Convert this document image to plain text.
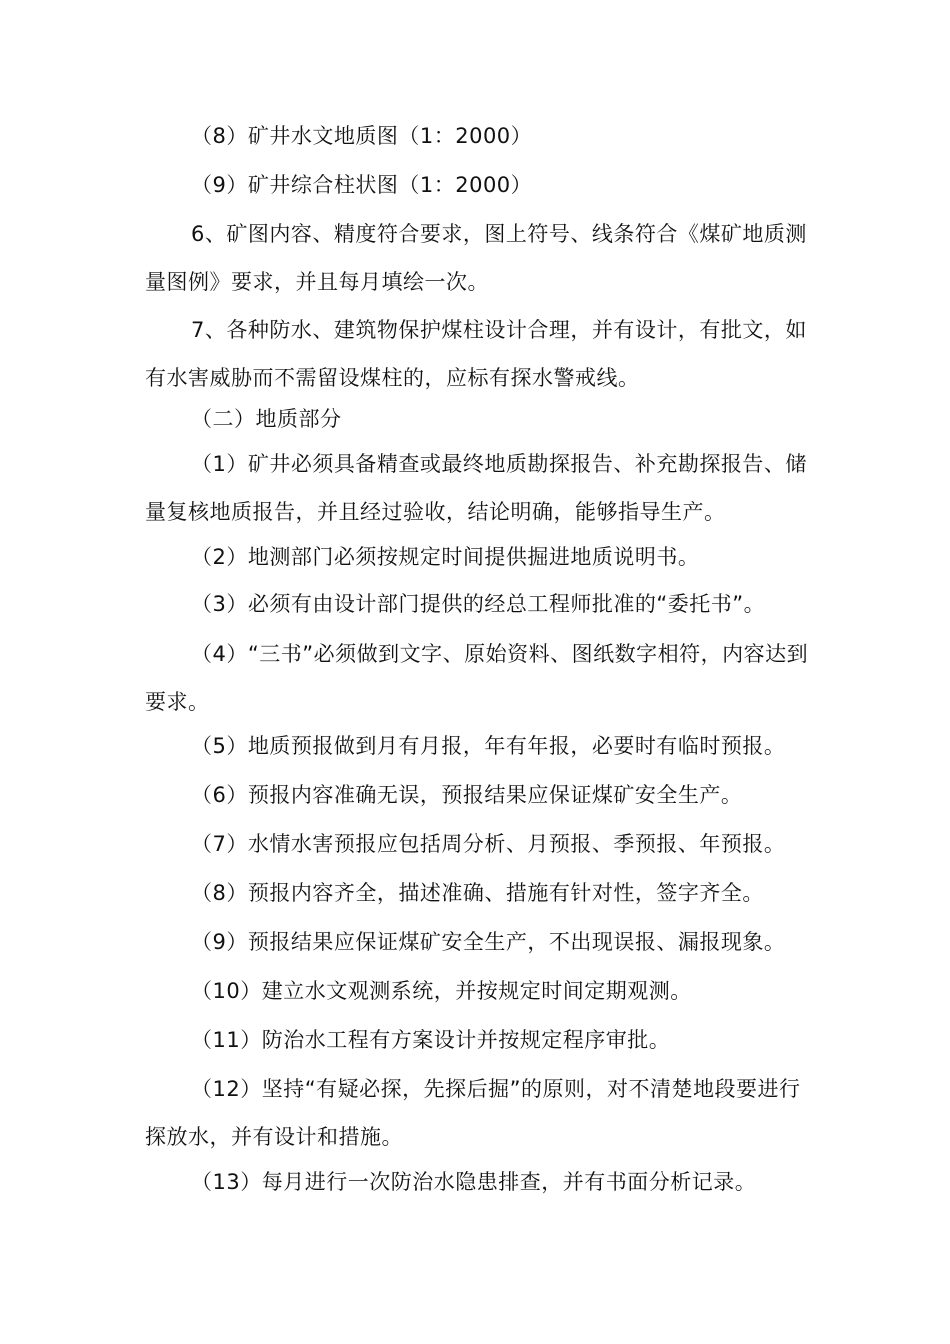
（8）矿井水文地质图（1：2000）

（9）矿井综合柱状图（1：2000）

6、矿图内容、精度符合要求，图上符号、线条符合《煤矿地质测量图例》要求，并且每月填绘一次。

7、各种防水、建筑物保护煤柱设计合理，并有设计，有批文，如有水害威胁而不需留设煤柱的，应标有探水警戒线。

（二）地质部分

（1）矿井必须具备精查或最终地质勘探报告、补充勘探报告、储量复核地质报告，并且经过验收，结论明确，能够指导生产。

（2）地测部门必须按规定时间提供掘进地质说明书。

（3）必须有由设计部门提供的经总工程师批准的“委托书”。

（4）“三书”必须做到文字、原始资料、图纸数字相符，内容达到要求。

（5）地质预报做到月有月报，年有年报，必要时有临时预报。

（6）预报内容准确无误，预报结果应保证煤矿安全生产。

（7）水情水害预报应包括周分析、月预报、季预报、年预报。

（8）预报内容齐全，描述准确、措施有针对性，签字齐全。

（9）预报结果应保证煤矿安全生产，不出现误报、漏报现象。

（10）建立水文观测系统，并按规定时间定期观测。

（11）防治水工程有方案设计并按规定程序审批。

（12）坚持“有疑必探，先探后掘”的原则，对不清楚地段要进行探放水，并有设计和措施。

（13）每月进行一次防治水隐患排查，并有书面分析记录。
